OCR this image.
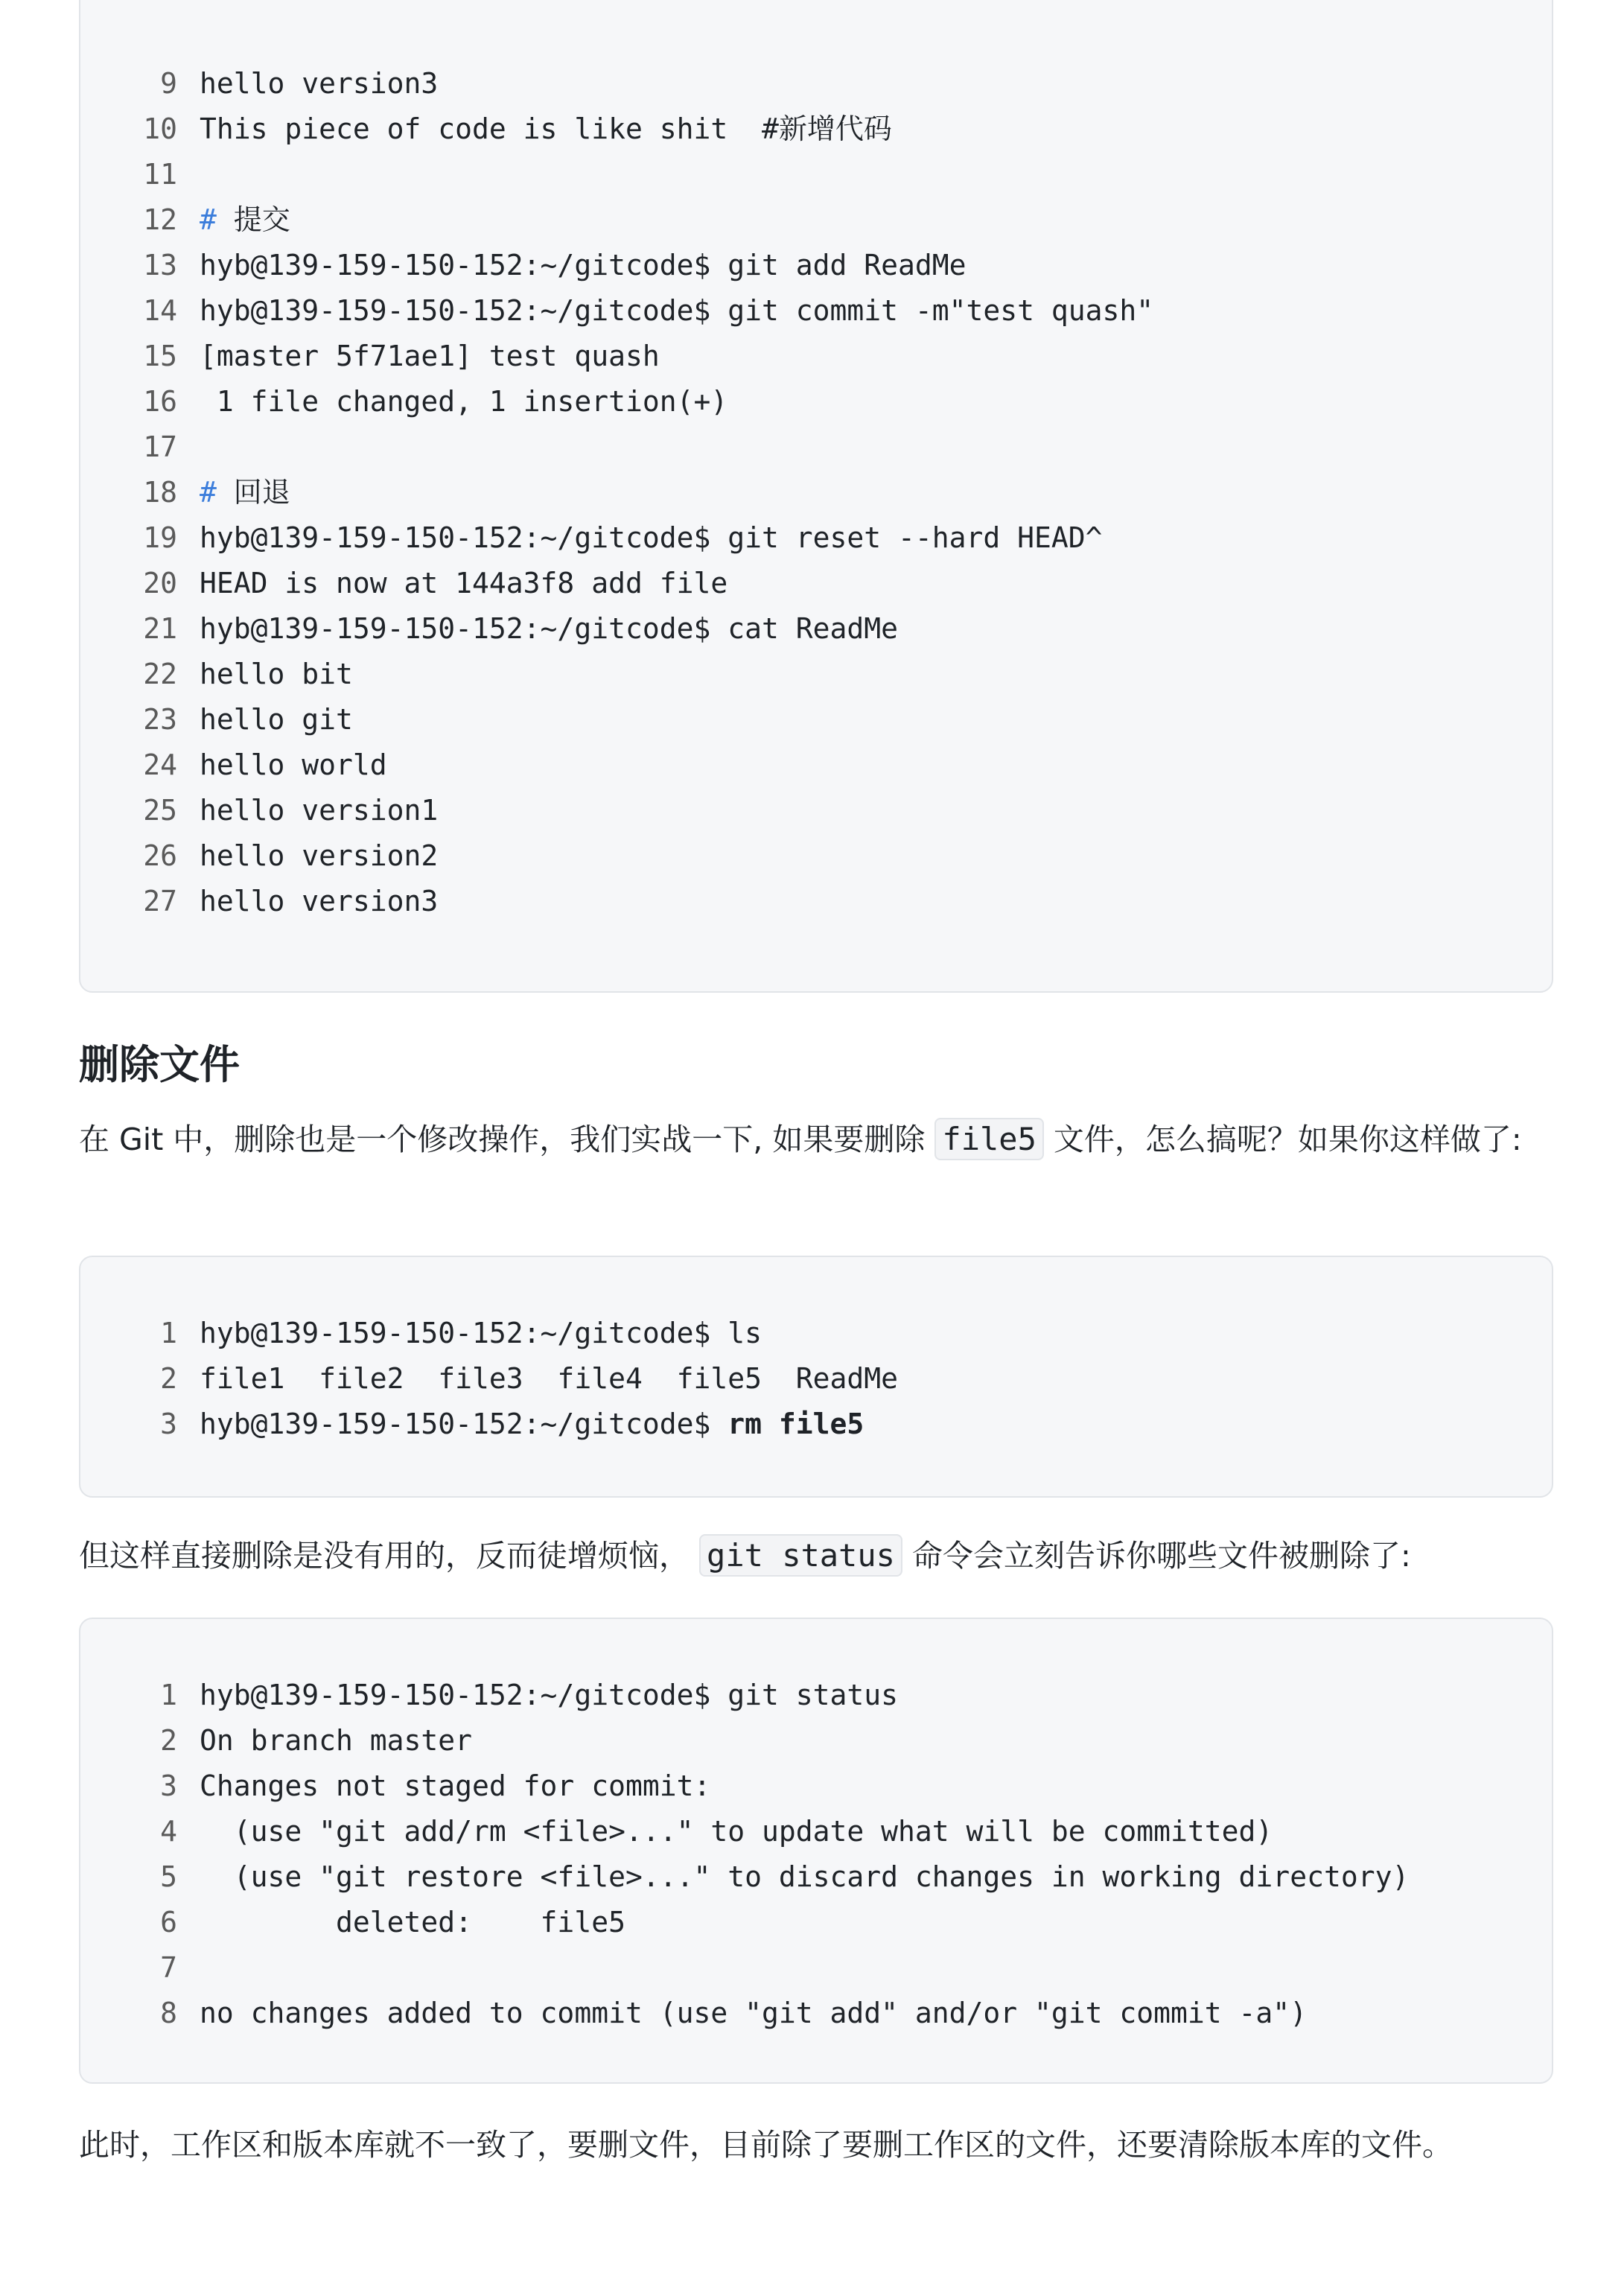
9 hello version3
10 This piece of code is like shit  #新增代码
11
12 # 提交
13 hyb@139-159-150-152:~/gitcode$ git add ReadMe
14 hyb@139-159-150-152:~/gitcode$ git commit -m"test quash"
15 [master 5f71ae1] test quash
16 1 file changed, 1 insertion(+)
17
18 # 回退
19 hyb@139-159-150-152:~/gitcode$ git reset --hard HEAD^
20 HEAD is now at 144a3f8 add file
21 hyb@139-159-150-152:~/gitcode$ cat ReadMe
22 hello bit
23 hello git
24 hello world
25 hello version1
26 hello version2
27 hello version3
删除文件
在 Git 中，删除也是一个修改操作，我们实战一下, 如果要删除 file5 文件，怎么搞呢？如果你这样做了:
1 hyb@139-159-150-152:~/gitcode$ ls
2 file1  file2  file3  file4  file5  ReadMe
3 hyb@139-159-150-152:~/gitcode$ rm file5
但这样直接删除是没有用的，反而徒增烦恼， git status 命令会立刻告诉你哪些文件被删除了:
1 hyb@139-159-150-152:~/gitcode$ git status
2 On branch master
3 Changes not staged for commit:
4 (use "git add/rm <file>..." to update what will be committed)
5 (use "git restore <file>..." to discard changes in working directory)
6 deleted:    file5
7
8 no changes added to commit (use "git add" and/or "git commit -a")
此时，工作区和版本库就不一致了，要删文件，目前除了要删工作区的文件，还要清除版本库的文件。
